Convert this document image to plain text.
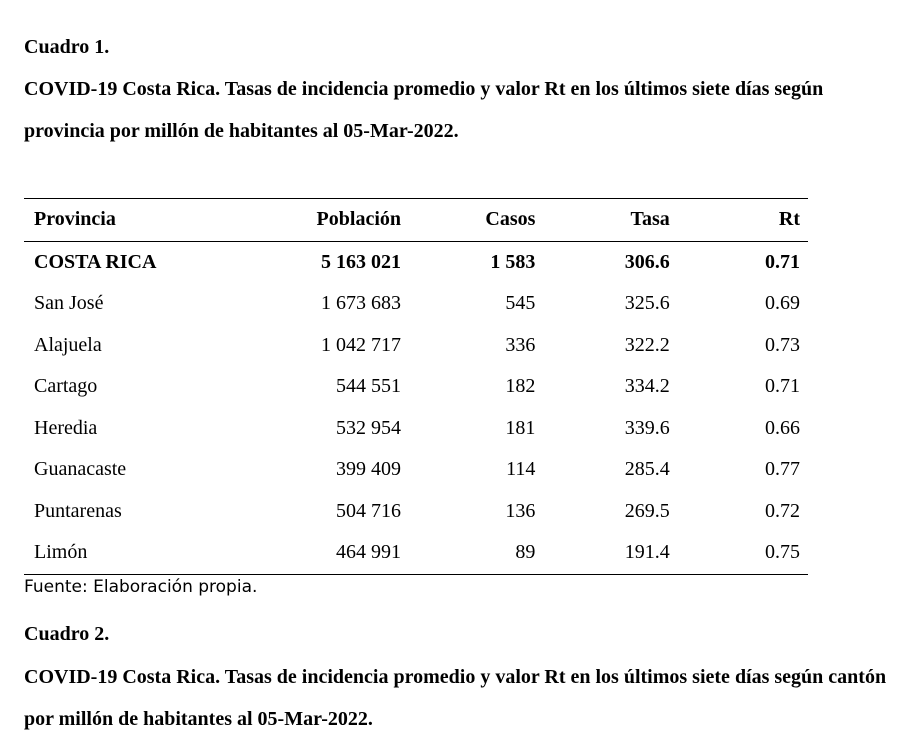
Cuadro 1.

COVID-19 Costa Rica. Tasas de incidencia promedio y valor Rt en los últimos siete días según provincia por millón de habitantes al 05-Mar-2022.

Provincia	Población	Casos	Tasa	Rt
COSTA RICA	5 163 021	1 583	306.6	0.71
San José	1 673 683	545	325.6	0.69
Alajuela	1 042 717	336	322.2	0.73
Cartago	544 551	182	334.2	0.71
Heredia	532 954	181	339.6	0.66
Guanacaste	399 409	114	285.4	0.77
Puntarenas	504 716	136	269.5	0.72
Limón	464 991	89	191.4	0.75

Fuente: Elaboración propia.

Cuadro 2.

COVID-19 Costa Rica. Tasas de incidencia promedio y valor Rt en los últimos siete días según cantón por millón de habitantes al 05-Mar-2022.
